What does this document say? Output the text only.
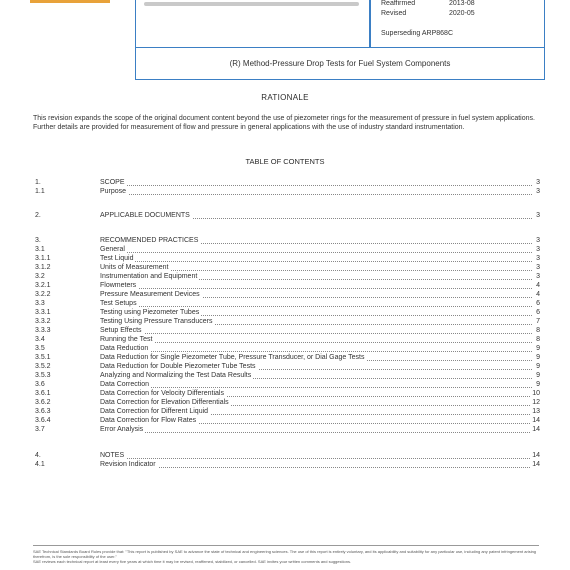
Reaffirmed	2013-08
Revised	2020-05
Superseding ARP868C
(R) Method-Pressure Drop Tests for Fuel System Components
RATIONALE
This revision expands the scope of the original document content beyond the use of piezometer rings for the measurement of pressure in fuel system applications. Further details are provided for measurement of flow and pressure in general applications with the use of industry standard instrumentation.
TABLE OF CONTENTS
1.	SCOPE	3
1.1	Purpose	3
2.	APPLICABLE DOCUMENTS	3
3.	RECOMMENDED PRACTICES	3
3.1	General	3
3.1.1	Test Liquid	3
3.1.2	Units of Measurement	3
3.2	Instrumentation and Equipment	3
3.2.1	Flowmeters	4
3.2.2	Pressure Measurement Devices	4
3.3	Test Setups	6
3.3.1	Testing using Piezometer Tubes	6
3.3.2	Testing Using Pressure Transducers	7
3.3.3	Setup Effects	8
3.4	Running the Test	8
3.5	Data Reduction	9
3.5.1	Data Reduction for Single Piezometer Tube, Pressure Transducer, or Dial Gage Tests	9
3.5.2	Data Reduction for Double Piezometer Tube Tests	9
3.5.3	Analyzing and Normalizing the Test Data Results	9
3.6	Data Correction	9
3.6.1	Data Correction for Velocity Differentials	10
3.6.2	Data Correction for Elevation Differentials	12
3.6.3	Data Correction for Different Liquid	13
3.6.4	Data Correction for Flow Rates	14
3.7	Error Analysis	14
4.	NOTES	14
4.1	Revision Indicator	14
SAE Technical Standards Board Rules provide that: "This report is published by SAE to advance the state of technical and engineering sciences. The use of this report is entirely voluntary, and its applicability and suitability for any particular use, including any patent infringement arising therefrom, is the sole responsibility of the user."
SAE reviews each technical report at least every five years at which time it may be revised, reaffirmed, stabilized, or cancelled. SAE invites your written comments and suggestions.
